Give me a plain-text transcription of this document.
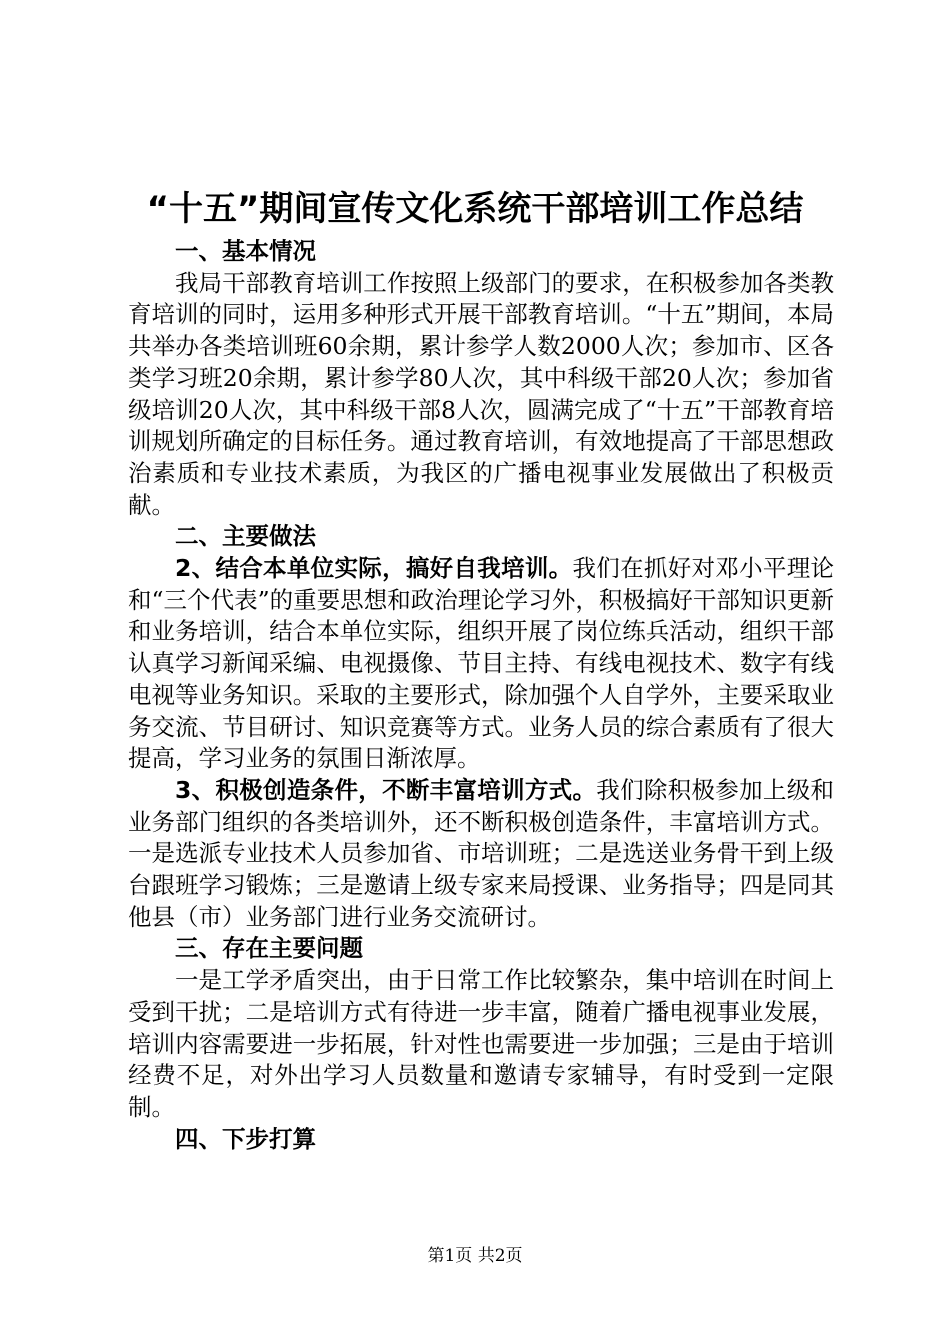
“十五”期间宣传文化系统干部培训工作总结

一、基本情况

我局干部教育培训工作按照上级部门的要求，在积极参加各类教育培训的同时，运用多种形式开展干部教育培训。“十五”期间，本局共举办各类培训班60余期，累计参学人数2000人次；参加市、区各类学习班20余期，累计参学80人次，其中科级干部20人次；参加省级培训20人次，其中科级干部8人次，圆满完成了“十五”干部教育培训规划所确定的目标任务。通过教育培训，有效地提高了干部思想政治素质和专业技术素质，为我区的广播电视事业发展做出了积极贡献。

二、主要做法

2、结合本单位实际，搞好自我培训。我们在抓好对邓小平理论和“三个代表”的重要思想和政治理论学习外，积极搞好干部知识更新和业务培训，结合本单位实际，组织开展了岗位练兵活动，组织干部认真学习新闻采编、电视摄像、节目主持、有线电视技术、数字有线电视等业务知识。采取的主要形式，除加强个人自学外，主要采取业务交流、节目研讨、知识竞赛等方式。业务人员的综合素质有了很大提高，学习业务的氛围日渐浓厚。

3、积极创造条件，不断丰富培训方式。我们除积极参加上级和业务部门组织的各类培训外，还不断积极创造条件，丰富培训方式。一是选派专业技术人员参加省、市培训班；二是选送业务骨干到上级台跟班学习锻炼；三是邀请上级专家来局授课、业务指导；四是同其他县（市）业务部门进行业务交流研讨。

三、存在主要问题

一是工学矛盾突出，由于日常工作比较繁杂，集中培训在时间上受到干扰；二是培训方式有待进一步丰富，随着广播电视事业发展，培训内容需要进一步拓展，针对性也需要进一步加强；三是由于培训经费不足，对外出学习人员数量和邀请专家辅导，有时受到一定限制。

四、下步打算

第1页 共2页
